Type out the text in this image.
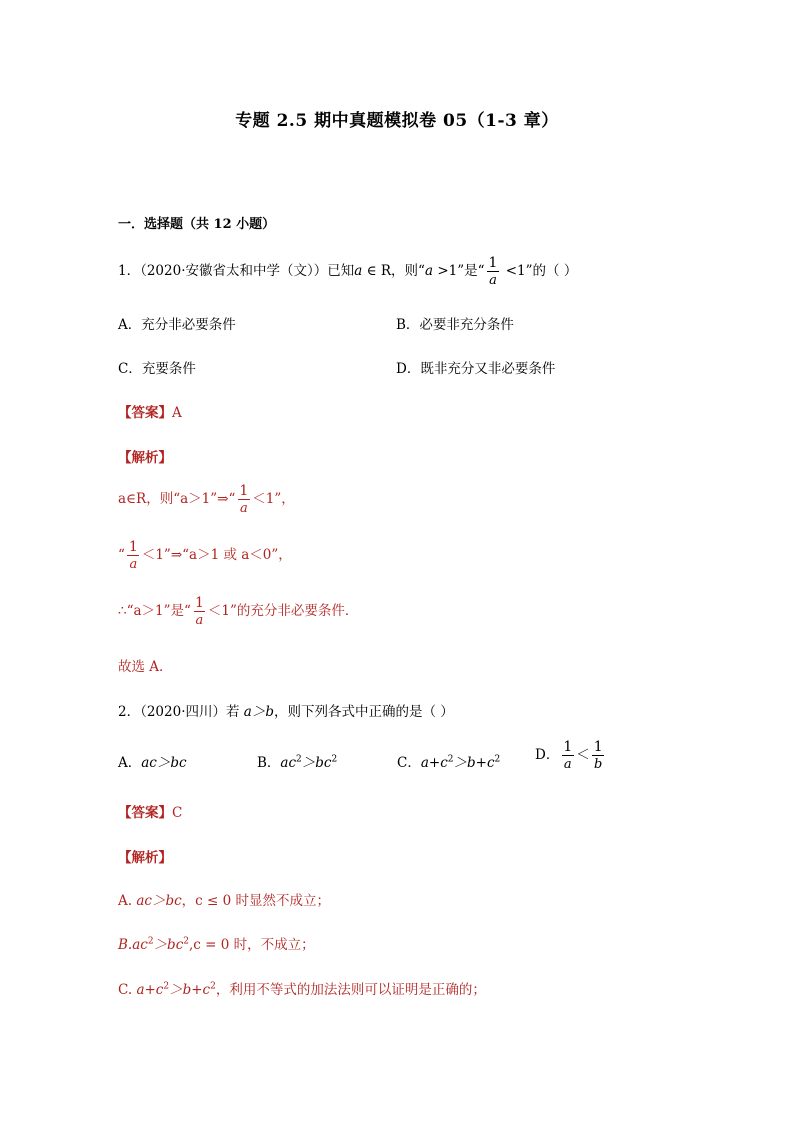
专题 2.5 期中真题模拟卷 05（1-3 章）
一．选择题（共 12 小题）
1．（2020·安徽省太和中学（文））已知a ∈ R，则“a >1”是“ $\frac{1}{a} <1$”的（ ）
A．充分非必要条件	B．必要非充分条件
C．充要条件	D．既非充分又非必要条件
【答案】A
【解析】
a∈R，则“a＞1”⇒“ $\frac{1}{a} <1$”，
“ $\frac{1}{a}$ ＜1”⇒“a＞1 或 a＜0”，
∴“a＞1”是“ $\frac{1}{a} <1$”的充分非必要条件．
故选 A．
2．（2020·四川）若 a＞b，则下列各式中正确的是（ ）
A．ac＞bc	B．$ac^2>bc^2$	C．$a+c^2>b+c^2$	D． $\frac{1}{a} < \frac{1}{b}$
【答案】C
【解析】
A. ac＞bc，c ≤ 0 时显然不成立；
$B.ac^2>bc^2,c = 0$ 时，不成立；
C. $a+c^2>b+c^2$，利用不等式的加法法则可以证明是正确的；
